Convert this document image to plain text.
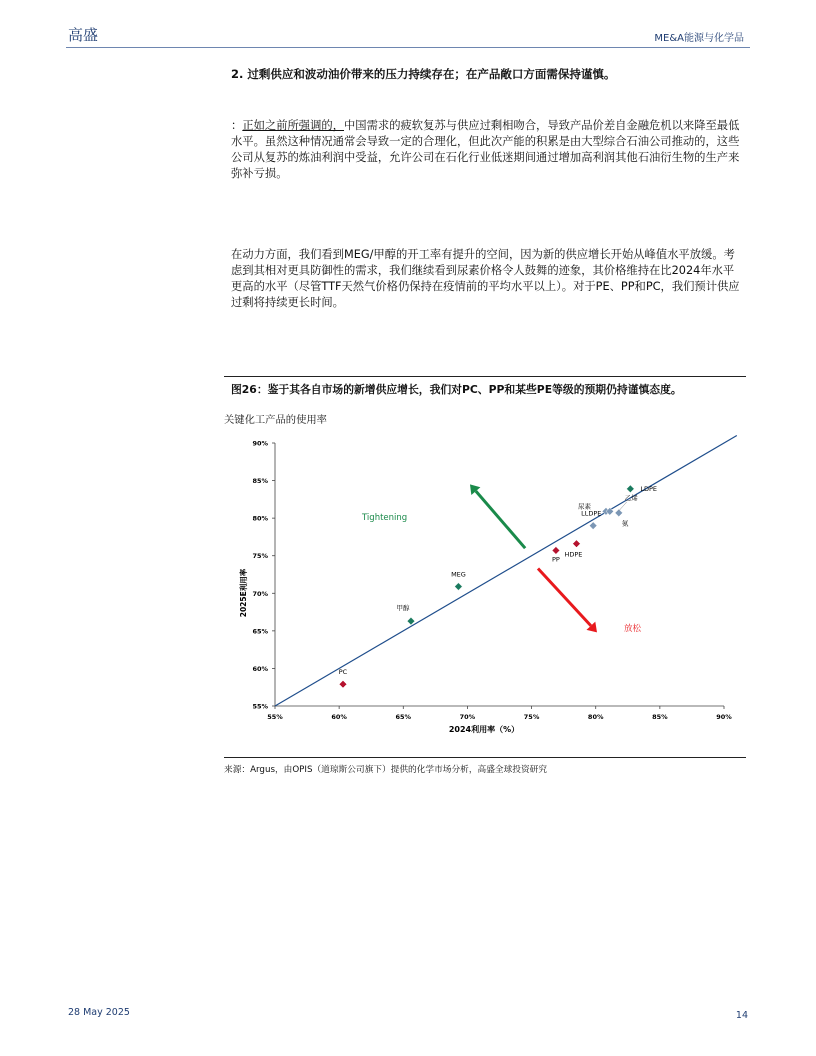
高盛	ME&A能源与化学品
2. 过剩供应和波动油价带来的压力持续存在；在产品敞口方面需保持谨慎。
：正如之前所强调的，中国需求的疲软复苏与供应过剩相吻合，导致产品价差自金融危机以来降至最低水平。虽然这种情况通常会导致一定的合理化，但此次产能的积累是由大型综合石油公司推动的，这些公司从复苏的炼油利润中受益，允许公司在石化行业低迷期间通过增加高利润其他石油衍生物的生产来弥补亏损。
在动力方面，我们看到MEG/甲醇的开工率有提升的空间，因为新的供应增长开始从峰值水平放缓。考虑到其相对更具防御性的需求，我们继续看到尿素价格令人鼓舞的迹象，其价格维持在比2024年水平更高的水平（尽管TTF天然气价格仍保持在疫情前的平均水平以上）。对于PE、PP和PC，我们预计供应过剩将持续更长时间。
图26：鉴于其各自市场的新增供应增长，我们对PC、PP和某些PE等级的预期仍持谨慎态度。
关键化工产品的使用率
55%
60%
65%
70%
75%
80%
85%
90%
55%	60%	65%	70%	75%	80%	85%	90%
PC
甲醇
MEG
PP
HDPE
LLDPE
尿素
乙烯
氨
LDPE
Tightening
放松
2024利用率（%）
2025E利用率
来源：Argus，由OPIS（道琼斯公司旗下）提供的化学市场分析，高盛全球投资研究
28 May 2025	14
